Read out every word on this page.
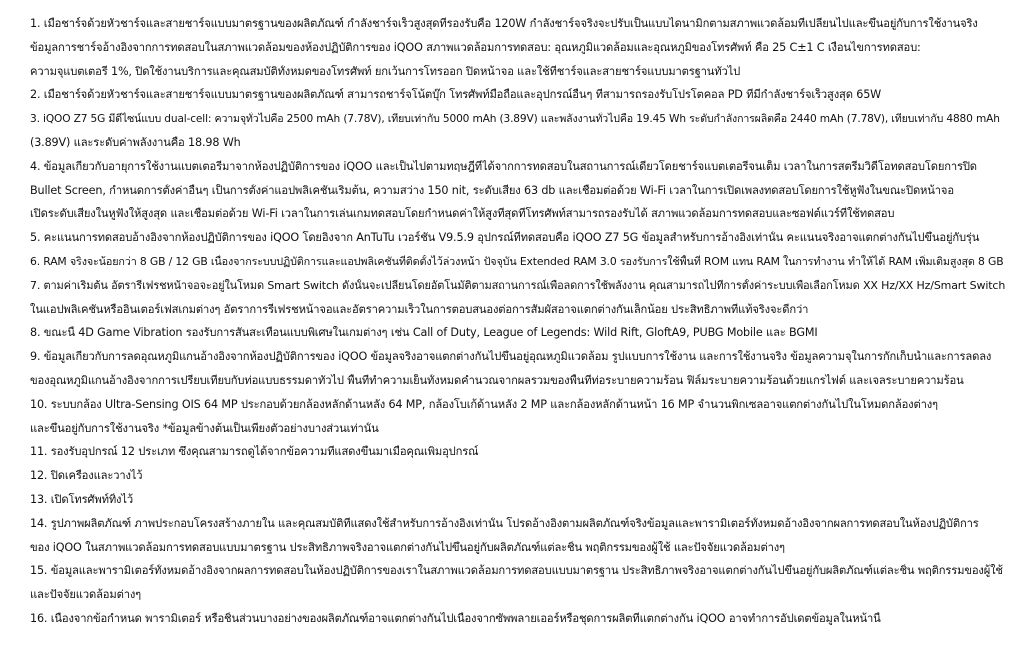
1. เมื่อชาร์จด้วยหัวชาร์จและสายชาร์จแบบมาตรฐานของผลิตภัณฑ์ กำลังชาร์จเร็วสูงสุดที่รองรับคือ 120W กำลังชาร์จจริงจะปรับเป็นแบบไดนามิกตามสภาพแวดล้อมที่เปลี่ยนไปและขึ้นอยู่กับการใช้งานจริง
ข้อมูลการชาร์จอ้างอิงจากการทดสอบในสภาพแวดล้อมของห้องปฏิบัติการของ iQOO สภาพแวดล้อมการทดสอบ: อุณหภูมิแวดล้อมและอุณหภูมิของโทรศัพท์ คือ 25 C±1 C เงื่อนไขการทดสอบ:
ความจุแบตเตอรี่ 1%, ปิดใช้งานบริการและคุณสมบัติทั้งหมดของโทรศัพท์ ยกเว้นการโทรออก ปิดหน้าจอ และใช้ที่ชาร์จและสายชาร์จแบบมาตรฐานทั่วไป
2. เมื่อชาร์จด้วยหัวชาร์จและสายชาร์จแบบมาตรฐานของผลิตภัณฑ์ สามารถชาร์จโน้ตบุ๊ก โทรศัพท์มือถือและอุปกรณ์อื่นๆ ที่สามารถรองรับโปรโตคอล PD ที่มีกำลังชาร์จเร็วสูงสุด 65W
3. iQOO Z7 5G มีดีไซน์แบบ dual-cell: ความจุทั่วไปคือ 2500 mAh (7.78V), เทียบเท่ากับ 5000 mAh (3.89V) และพลังงานทั่วไปคือ 19.45 Wh ระดับกำลังการผลิตคือ 2440 mAh (7.78V), เทียบเท่ากับ 4880 mAh
(3.89V) และระดับค่าพลังงานคือ 18.98 Wh
4. ข้อมูลเกี่ยวกับอายุการใช้งานแบตเตอรี่มาจากห้องปฏิบัติการของ iQOO และเป็นไปตามทฤษฎีที่ได้จากการทดสอบในสถานการณ์เดียวโดยชาร์จแบตเตอรี่จนเต็ม เวลาในการสตรีมวิดีโอทดสอบโดยการปิด
Bullet Screen, กำหนดการตั้งค่าอื่นๆ เป็นการตั้งค่าแอปพลิเคชันเริ่มต้น, ความสว่าง 150 nit, ระดับเสียง 63 db และเชื่อมต่อด้วย Wi-Fi เวลาในการเปิดเพลงทดสอบโดยการใช้หูฟังในขณะปิดหน้าจอ
เปิดระดับเสียงในหูฟังให้สูงสุด และเชื่อมต่อด้วย Wi-Fi เวลาในการเล่นเกมทดสอบโดยกำหนดค่าให้สูงที่สุดที่โทรศัพท์สามารถรองรับได้ สภาพแวดล้อมการทดสอบและซอฟต์แวร์ที่ใช้ทดสอบ
5. คะแนนการทดสอบอ้างอิงจากห้องปฏิบัติการของ iQOO โดยอิงจาก AnTuTu เวอร์ชัน V9.5.9 อุปกรณ์ที่ทดสอบคือ iQOO Z7 5G ข้อมูลสำหรับการอ้างอิงเท่านั้น คะแนนจริงอาจแตกต่างกันไปขึ้นอยู่กับรุ่น
6. RAM จริงจะน้อยกว่า 8 GB / 12 GB เนื่องจากระบบปฏิบัติการและแอปพลิเคชันที่ติดตั้งไว้ล่วงหน้า ปัจจุบัน Extended RAM 3.0 รองรับการใช้พื้นที่ ROM แทน RAM ในการทำงาน ทำให้ได้ RAM เพิ่มเติมสูงสุด 8 GB
7. ตามค่าเริ่มต้น อัตรารีเฟรชหน้าจอจะอยู่ในโหมด Smart Switch ดังนั้นจะเปลี่ยนโดยอัตโนมัติตามสถานการณ์เพื่อลดการใช้พลังงาน คุณสามารถไปที่การตั้งค่าระบบเพื่อเลือกโหมด XX Hz/XX Hz/Smart Switch
ในแอปพลิเคชันหรืออินเตอร์เฟสเกมต่างๆ อัตราการรีเฟรชหน้าจอและอัตราความเร็วในการตอบสนองต่อการสัมผัสอาจแตกต่างกันเล็กน้อย ประสิทธิภาพที่แท้จริงจะดีกว่า
8. ขณะนี้ 4D Game Vibration รองรับการสั่นสะเทือนแบบพิเศษในเกมต่างๆ เช่น Call of Duty, League of Legends: Wild Rift, GloftA9, PUBG Mobile และ BGMI
9. ข้อมูลเกี่ยวกับการลดอุณหภูมิแกนอ้างอิงจากห้องปฏิบัติการของ iQOO ข้อมูลจริงอาจแตกต่างกันไปขึ้นอยู่อุณหภูมิแวดล้อม รูปแบบการใช้งาน และการใช้งานจริง ข้อมูลความจุในการกักเก็บน้ำและการลดลง
ของอุณหภูมิแกนอ้างอิงจากการเปรียบเทียบกับท่อแบบธรรมดาทั่วไป พื้นที่ทำความเย็นทั้งหมดคำนวณจากผลรวมของพื้นที่ท่อระบายความร้อน ฟิล์มระบายความร้อนด้วยแกรไฟต์ และเจลระบายความร้อน
10. ระบบกล้อง Ultra-Sensing OIS 64 MP ประกอบด้วยกล้องหลักด้านหลัง 64 MP, กล้องโบเก้ด้านหลัง 2 MP และกล้องหลักด้านหน้า 16 MP จำนวนพิกเซลอาจแตกต่างกันไปในโหมดกล้องต่างๆ
และขึ้นอยู่กับการใช้งานจริง *ข้อมูลข้างต้นเป็นเพียงตัวอย่างบางส่วนเท่านั้น
11. รองรับอุปกรณ์ 12 ประเภท ซึ่งคุณสามารถดูได้จากข้อความที่แสดงขึ้นมาเมื่อคุณเพิ่มอุปกรณ์
12. ปิดเครื่องและวางไว้
13. เปิดโทรศัพท์ทิ้งไว้
14. รูปภาพผลิตภัณฑ์ ภาพประกอบโครงสร้างภายใน และคุณสมบัติที่แสดงใช้สำหรับการอ้างอิงเท่านั้น โปรดอ้างอิงตามผลิตภัณฑ์จริงข้อมูลและพารามิเตอร์ทั้งหมดอ้างอิงจากผลการทดสอบในห้องปฏิบัติการ
ของ iQOO ในสภาพแวดล้อมการทดสอบแบบมาตรฐาน ประสิทธิภาพจริงอาจแตกต่างกันไปขึ้นอยู่กับผลิตภัณฑ์แต่ละชิ้น พฤติกรรมของผู้ใช้ และปัจจัยแวดล้อมต่างๆ
15. ข้อมูลและพารามิเตอร์ทั้งหมดอ้างอิงจากผลการทดสอบในห้องปฏิบัติการของเราในสภาพแวดล้อมการทดสอบแบบมาตรฐาน ประสิทธิภาพจริงอาจแตกต่างกันไปขึ้นอยู่กับผลิตภัณฑ์แต่ละชิ้น พฤติกรรมของผู้ใช้
และปัจจัยแวดล้อมต่างๆ
16. เนื่องจากข้อกำหนด พารามิเตอร์ หรือชิ้นส่วนบางอย่างของผลิตภัณฑ์อาจแตกต่างกันไปเนื่องจากซัพพลายเออร์หรือชุดการผลิตที่แตกต่างกัน iQOO อาจทำการอัปเดตข้อมูลในหน้านี้
